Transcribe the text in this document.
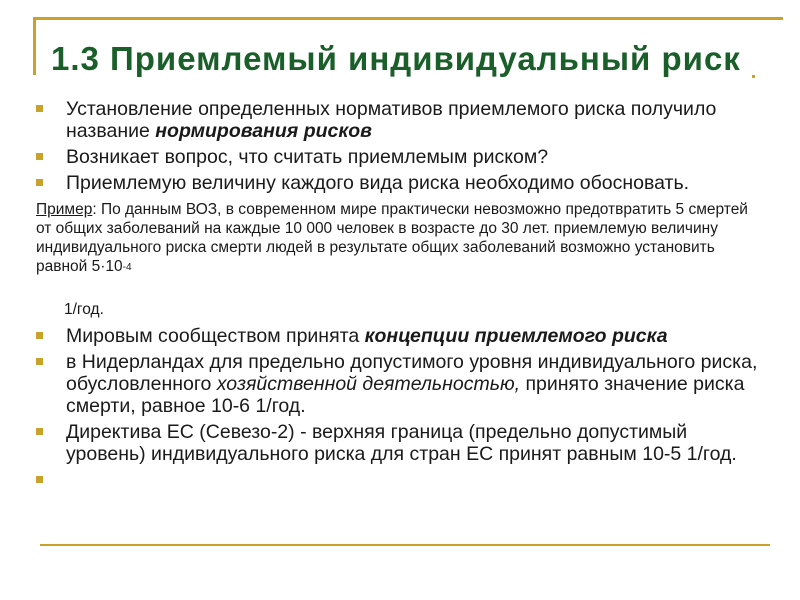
1.3 Приемлемый индивидуальный риск

Установление определенных нормативов приемлемого риска получило название нормирования рисков

Возникает вопрос, что считать приемлемым риском?

Приемлемую величину каждого вида риска необходимо обосновать.

Пример: По данным ВОЗ, в современном мире практически невозможно предотвратить 5 смертей от общих заболеваний на каждые 10 000 человек в возрасте до 30 лет. приемлемую величину индивидуального риска смерти людей в результате общих заболеваний возможно установить равной $5\cdot 10^{-4}$
1/год.

Мировым сообществом принята концепции приемлемого риска

в Нидерландах для предельно допустимого уровня индивидуального риска, обусловленного хозяйственной деятельностью, принято значение риска смерти, равное 10-6 1/год.

Директива ЕС (Севезо-2) - верхняя граница (предельно допустимый уровень) индивидуального риска для стран ЕС принят равным 10-5 1/год.
